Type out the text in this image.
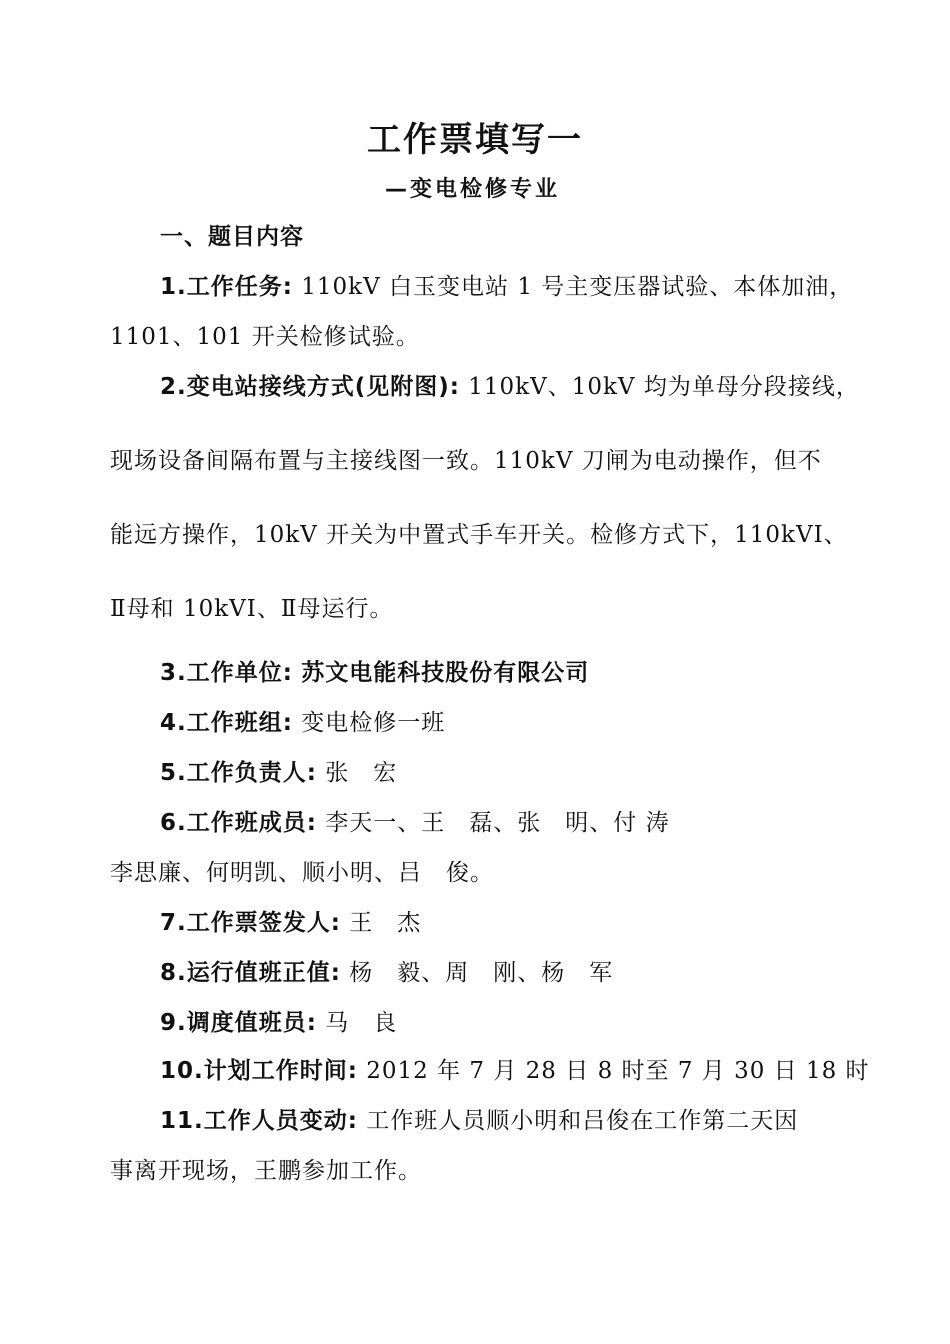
工作票填写一
—变电检修专业
一、题目内容
1.工作任务: 110kV 白玉变电站 1 号主变压器试验、本体加油，
1101、101 开关检修试验。
2.变电站接线方式(见附图): 110kV、10kV 均为单母分段接线，
现场设备间隔布置与主接线图一致。110kV 刀闸为电动操作，但不
能远方操作，10kV 开关为中置式手车开关。检修方式下，110kVⅠ、
Ⅱ母和 10kVⅠ、Ⅱ母运行。
3.工作单位: 苏文电能科技股份有限公司
4.工作班组: 变电检修一班
5.工作负责人: 张　宏
6.工作班成员: 李天一、王　磊、张　明、付 涛
李思廉、何明凯、顺小明、吕　俊。
7.工作票签发人: 王　杰
8.运行值班正值: 杨　毅、周　刚、杨　军
9.调度值班员: 马　良
10.计划工作时间: 2012 年 7 月 28 日 8 时至 7 月 30 日 18 时
11.工作人员变动: 工作班人员顺小明和吕俊在工作第二天因
事离开现场，王鹏参加工作。
